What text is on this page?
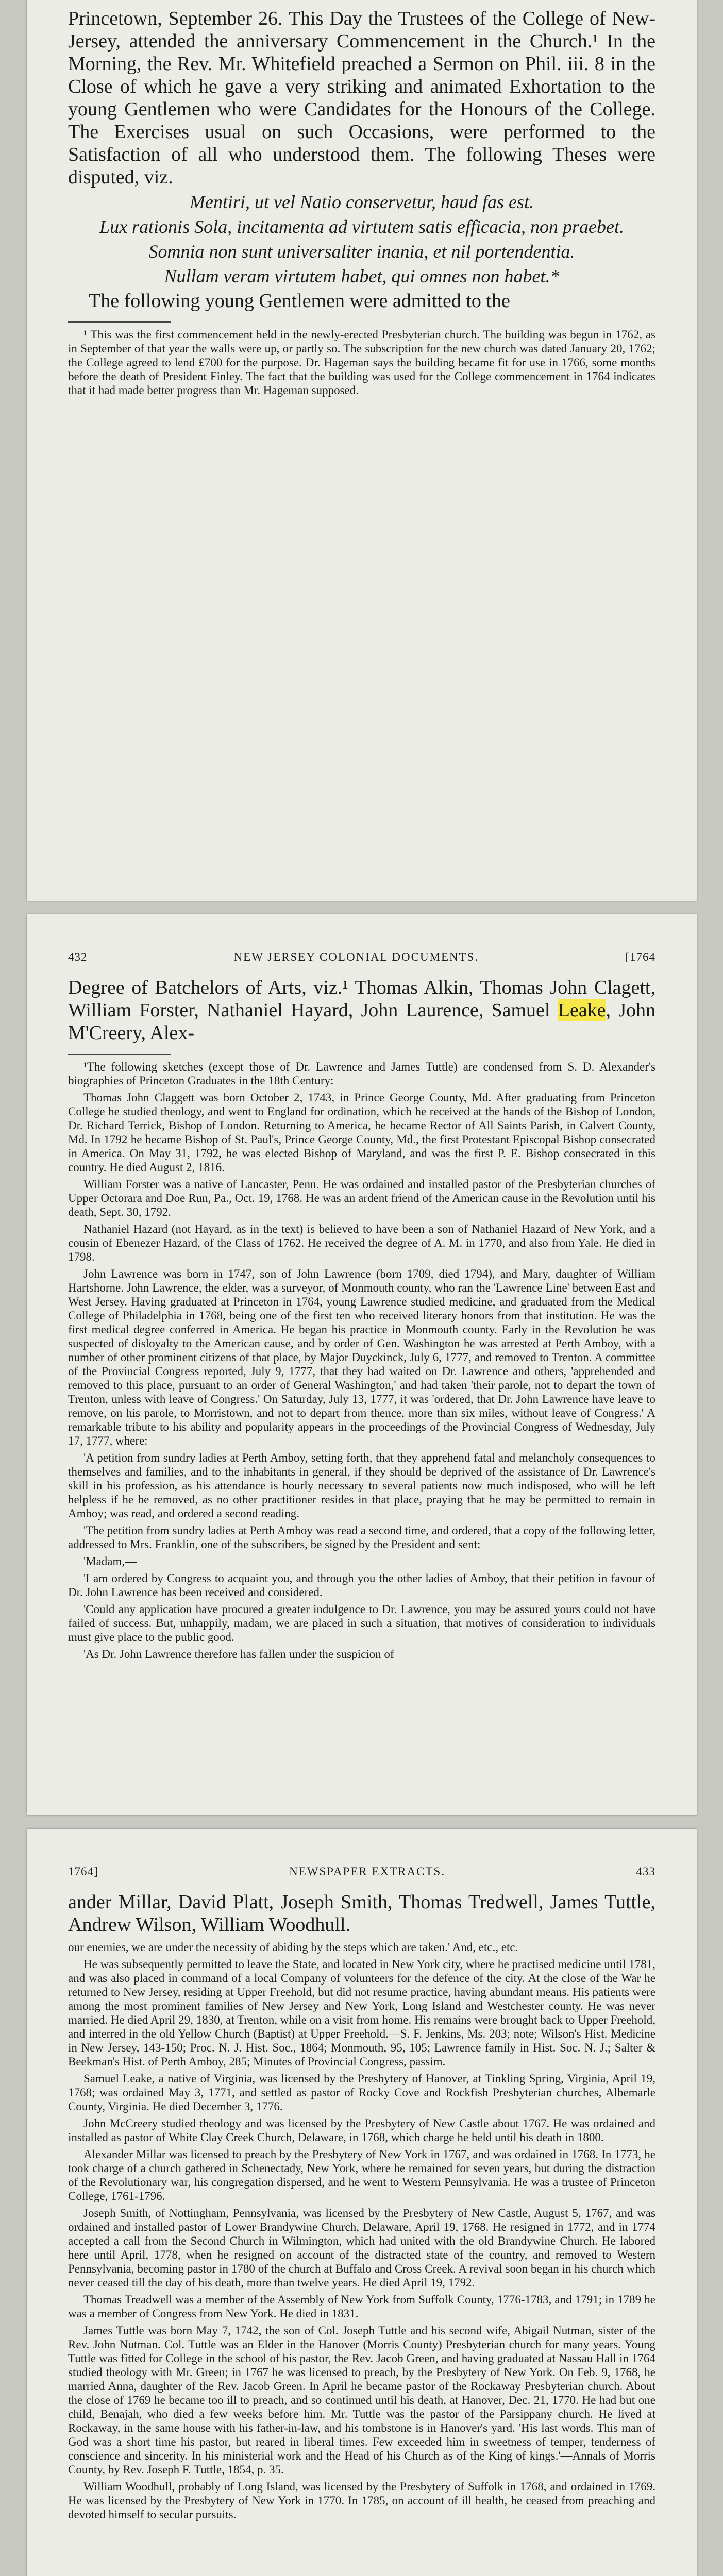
Princetown, September 26. This Day the Trustees of the College of New-Jersey, attended the anniversary Commencement in the Church.¹ In the Morning, the Rev. Mr. Whitefield preached a Sermon on Phil. iii. 8 in the Close of which he gave a very striking and animated Exhortation to the young Gentlemen who were Candidates for the Honours of the College. The Exercises usual on such Occasions, were performed to the Satisfaction of all who understood them. The following Theses were disputed, viz.

Mentiri, ut vel Natio conservetur, haud fas est.
Lux rationis Sola, incitamenta ad virtutem satis efficacia, non praebet.
Somnia non sunt universaliter inania, et nil portendentia.
Nullam veram virtutem habet, qui omnes non habet.*

The following young Gentlemen were admitted to the

¹ This was the first commencement held in the newly-erected Presbyterian church. The building was begun in 1762, as in September of that year the walls were up, or partly so. The subscription for the new church was dated January 20, 1762; the College agreed to lend £700 for the purpose. Dr. Hageman says the building became fit for use in 1766, some months before the death of President Finley. The fact that the building was used for the College commencement in 1764 indicates that it had made better progress than Mr. Hageman supposed.

432	NEW JERSEY COLONIAL DOCUMENTS.	[1764

Degree of Batchelors of Arts, viz.¹ Thomas Alkin, Thomas John Clagett, William Forster, Nathaniel Hayard, John Laurence, Samuel Leake, John M'Creery, Alex-

¹The following sketches (except those of Dr. Lawrence and James Tuttle) are condensed from S. D. Alexander's biographies of Princeton Graduates in the 18th Century:

Thomas John Claggett was born October 2, 1743, in Prince George County, Md. After graduating from Princeton College he studied theology, and went to England for ordination, which he received at the hands of the Bishop of London, Dr. Richard Terrick, Bishop of London. Returning to America, he became Rector of All Saints Parish, in Calvert County, Md. In 1792 he became Bishop of St. Paul's, Prince George County, Md., the first Protestant Episcopal Bishop consecrated in America. On May 31, 1792, he was elected Bishop of Maryland, and was the first P. E. Bishop consecrated in this country. He died August 2, 1816.

William Forster was a native of Lancaster, Penn. He was ordained and installed pastor of the Presbyterian churches of Upper Octorara and Doe Run, Pa., Oct. 19, 1768. He was an ardent friend of the American cause in the Revolution until his death, Sept. 30, 1792.

Nathaniel Hazard (not Hayard, as in the text) is believed to have been a son of Nathaniel Hazard of New York, and a cousin of Ebenezer Hazard, of the Class of 1762. He received the degree of A. M. in 1770, and also from Yale. He died in 1798.

John Lawrence was born in 1747, son of John Lawrence (born 1709, died 1794), and Mary, daughter of William Hartshorne. John Lawrence, the elder, was a surveyor, of Monmouth county, who ran the 'Lawrence Line' between East and West Jersey. Having graduated at Princeton in 1764, young Lawrence studied medicine, and graduated from the Medical College of Philadelphia in 1768, being one of the first ten who received literary honors from that institution. He was the first medical degree conferred in America. He began his practice in Monmouth county. Early in the Revolution he was suspected of disloyalty to the American cause, and by order of Gen. Washington he was arrested at Perth Amboy, with a number of other prominent citizens of that place, by Major Duyckinck, July 6, 1777, and removed to Trenton. A committee of the Provincial Congress reported, July 9, 1777, that they had waited on Dr. Lawrence and others, 'apprehended and removed to this place, pursuant to an order of General Washington,' and had taken 'their parole, not to depart the town of Trenton, unless with leave of Congress.' On Saturday, July 13, 1777, it was 'ordered, that Dr. John Lawrence have leave to remove, on his parole, to Morristown, and not to depart from thence, more than six miles, without leave of Congress.' A remarkable tribute to his ability and popularity appears in the proceedings of the Provincial Congress of Wednesday, July 17, 1777, where:

'A petition from sundry ladies at Perth Amboy, setting forth, that they apprehend fatal and melancholy consequences to themselves and families, and to the inhabitants in general, if they should be deprived of the assistance of Dr. Lawrence's skill in his profession, as his attendance is hourly necessary to several patients now much indisposed, who will be left helpless if he be removed, as no other practitioner resides in that place, praying that he may be permitted to remain in Amboy; was read, and ordered a second reading.

'The petition from sundry ladies at Perth Amboy was read a second time, and ordered, that a copy of the following letter, addressed to Mrs. Franklin, one of the subscribers, be signed by the President and sent:

'Madam,—

'I am ordered by Congress to acquaint you, and through you the other ladies of Amboy, that their petition in favour of Dr. John Lawrence has been received and considered.

'Could any application have procured a greater indulgence to Dr. Lawrence, you may be assured yours could not have failed of success. But, unhappily, madam, we are placed in such a situation, that motives of consideration to individuals must give place to the public good.

'As Dr. John Lawrence therefore has fallen under the suspicion of

1764]	NEWSPAPER EXTRACTS.	433

ander Millar, David Platt, Joseph Smith, Thomas Tredwell, James Tuttle, Andrew Wilson, William Woodhull.

our enemies, we are under the necessity of abiding by the steps which are taken.' And, etc., etc.

He was subsequently permitted to leave the State, and located in New York city, where he practised medicine until 1781, and was also placed in command of a local Company of volunteers for the defence of the city. At the close of the War he returned to New Jersey, residing at Upper Freehold, but did not resume practice, having abundant means. His patients were among the most prominent families of New Jersey and New York, Long Island and Westchester county. He was never married. He died April 29, 1830, at Trenton, while on a visit from home. His remains were brought back to Upper Freehold, and interred in the old Yellow Church (Baptist) at Upper Freehold.—S. F. Jenkins, Ms. 203; note; Wilson's Hist. Medicine in New Jersey, 143-150; Proc. N. J. Hist. Soc., 1864; Monmouth, 95, 105; Lawrence family in Hist. Soc. N. J.; Salter & Beekman's Hist. of Perth Amboy, 285; Minutes of Provincial Congress, passim.

Samuel Leake, a native of Virginia, was licensed by the Presbytery of Hanover, at Tinkling Spring, Virginia, April 19, 1768; was ordained May 3, 1771, and settled as pastor of Rocky Cove and Rockfish Presbyterian churches, Albemarle County, Virginia. He died December 3, 1776.

John McCreery studied theology and was licensed by the Presbytery of New Castle about 1767. He was ordained and installed as pastor of White Clay Creek Church, Delaware, in 1768, which charge he held until his death in 1800.

Alexander Millar was licensed to preach by the Presbytery of New York in 1767, and was ordained in 1768. In 1773, he took charge of a church gathered in Schenectady, New York, where he remained for seven years, but during the distraction of the Revolutionary war, his congregation dispersed, and he went to Western Pennsylvania. He was a trustee of Princeton College, 1761-1796.

Joseph Smith, of Nottingham, Pennsylvania, was licensed by the Presbytery of New Castle, August 5, 1767, and was ordained and installed pastor of Lower Brandywine Church, Delaware, April 19, 1768. He resigned in 1772, and in 1774 accepted a call from the Second Church in Wilmington, which had united with the old Brandywine Church. He labored here until April, 1778, when he resigned on account of the distracted state of the country, and removed to Western Pennsylvania, becoming pastor in 1780 of the church at Buffalo and Cross Creek. A revival soon began in his church which never ceased till the day of his death, more than twelve years. He died April 19, 1792.

Thomas Treadwell was a member of the Assembly of New York from Suffolk County, 1776-1783, and 1791; in 1789 he was a member of Congress from New York. He died in 1831.

James Tuttle was born May 7, 1742, the son of Col. Joseph Tuttle and his second wife, Abigail Nutman, sister of the Rev. John Nutman. Col. Tuttle was an Elder in the Hanover (Morris County) Presbyterian church for many years. Young Tuttle was fitted for College in the school of his pastor, the Rev. Jacob Green, and having graduated at Nassau Hall in 1764 studied theology with Mr. Green; in 1767 he was licensed to preach, by the Presbytery of New York. On Feb. 9, 1768, he married Anna, daughter of the Rev. Jacob Green. In April he became pastor of the Rockaway Presbyterian church. About the close of 1769 he became too ill to preach, and so continued until his death, at Hanover, Dec. 21, 1770. He had but one child, Benajah, who died a few weeks before him. Mr. Tuttle was the pastor of the Parsippany church. He lived at Rockaway, in the same house with his father-in-law, and his tombstone is in Hanover's yard. 'His last words. This man of God was a short time his pastor, but reared in liberal times. Few exceeded him in sweetness of temper, tenderness of conscience and sincerity. In his ministerial work and the Head of his Church as of the King of kings.'—Annals of Morris County, by Rev. Joseph F. Tuttle, 1854, p. 35.

William Woodhull, probably of Long Island, was licensed by the Presbytery of Suffolk in 1768, and ordained in 1769. He was licensed by the Presbytery of New York in 1770. In 1785, on account of ill health, he ceased from preaching and devoted himself to secular pursuits.
